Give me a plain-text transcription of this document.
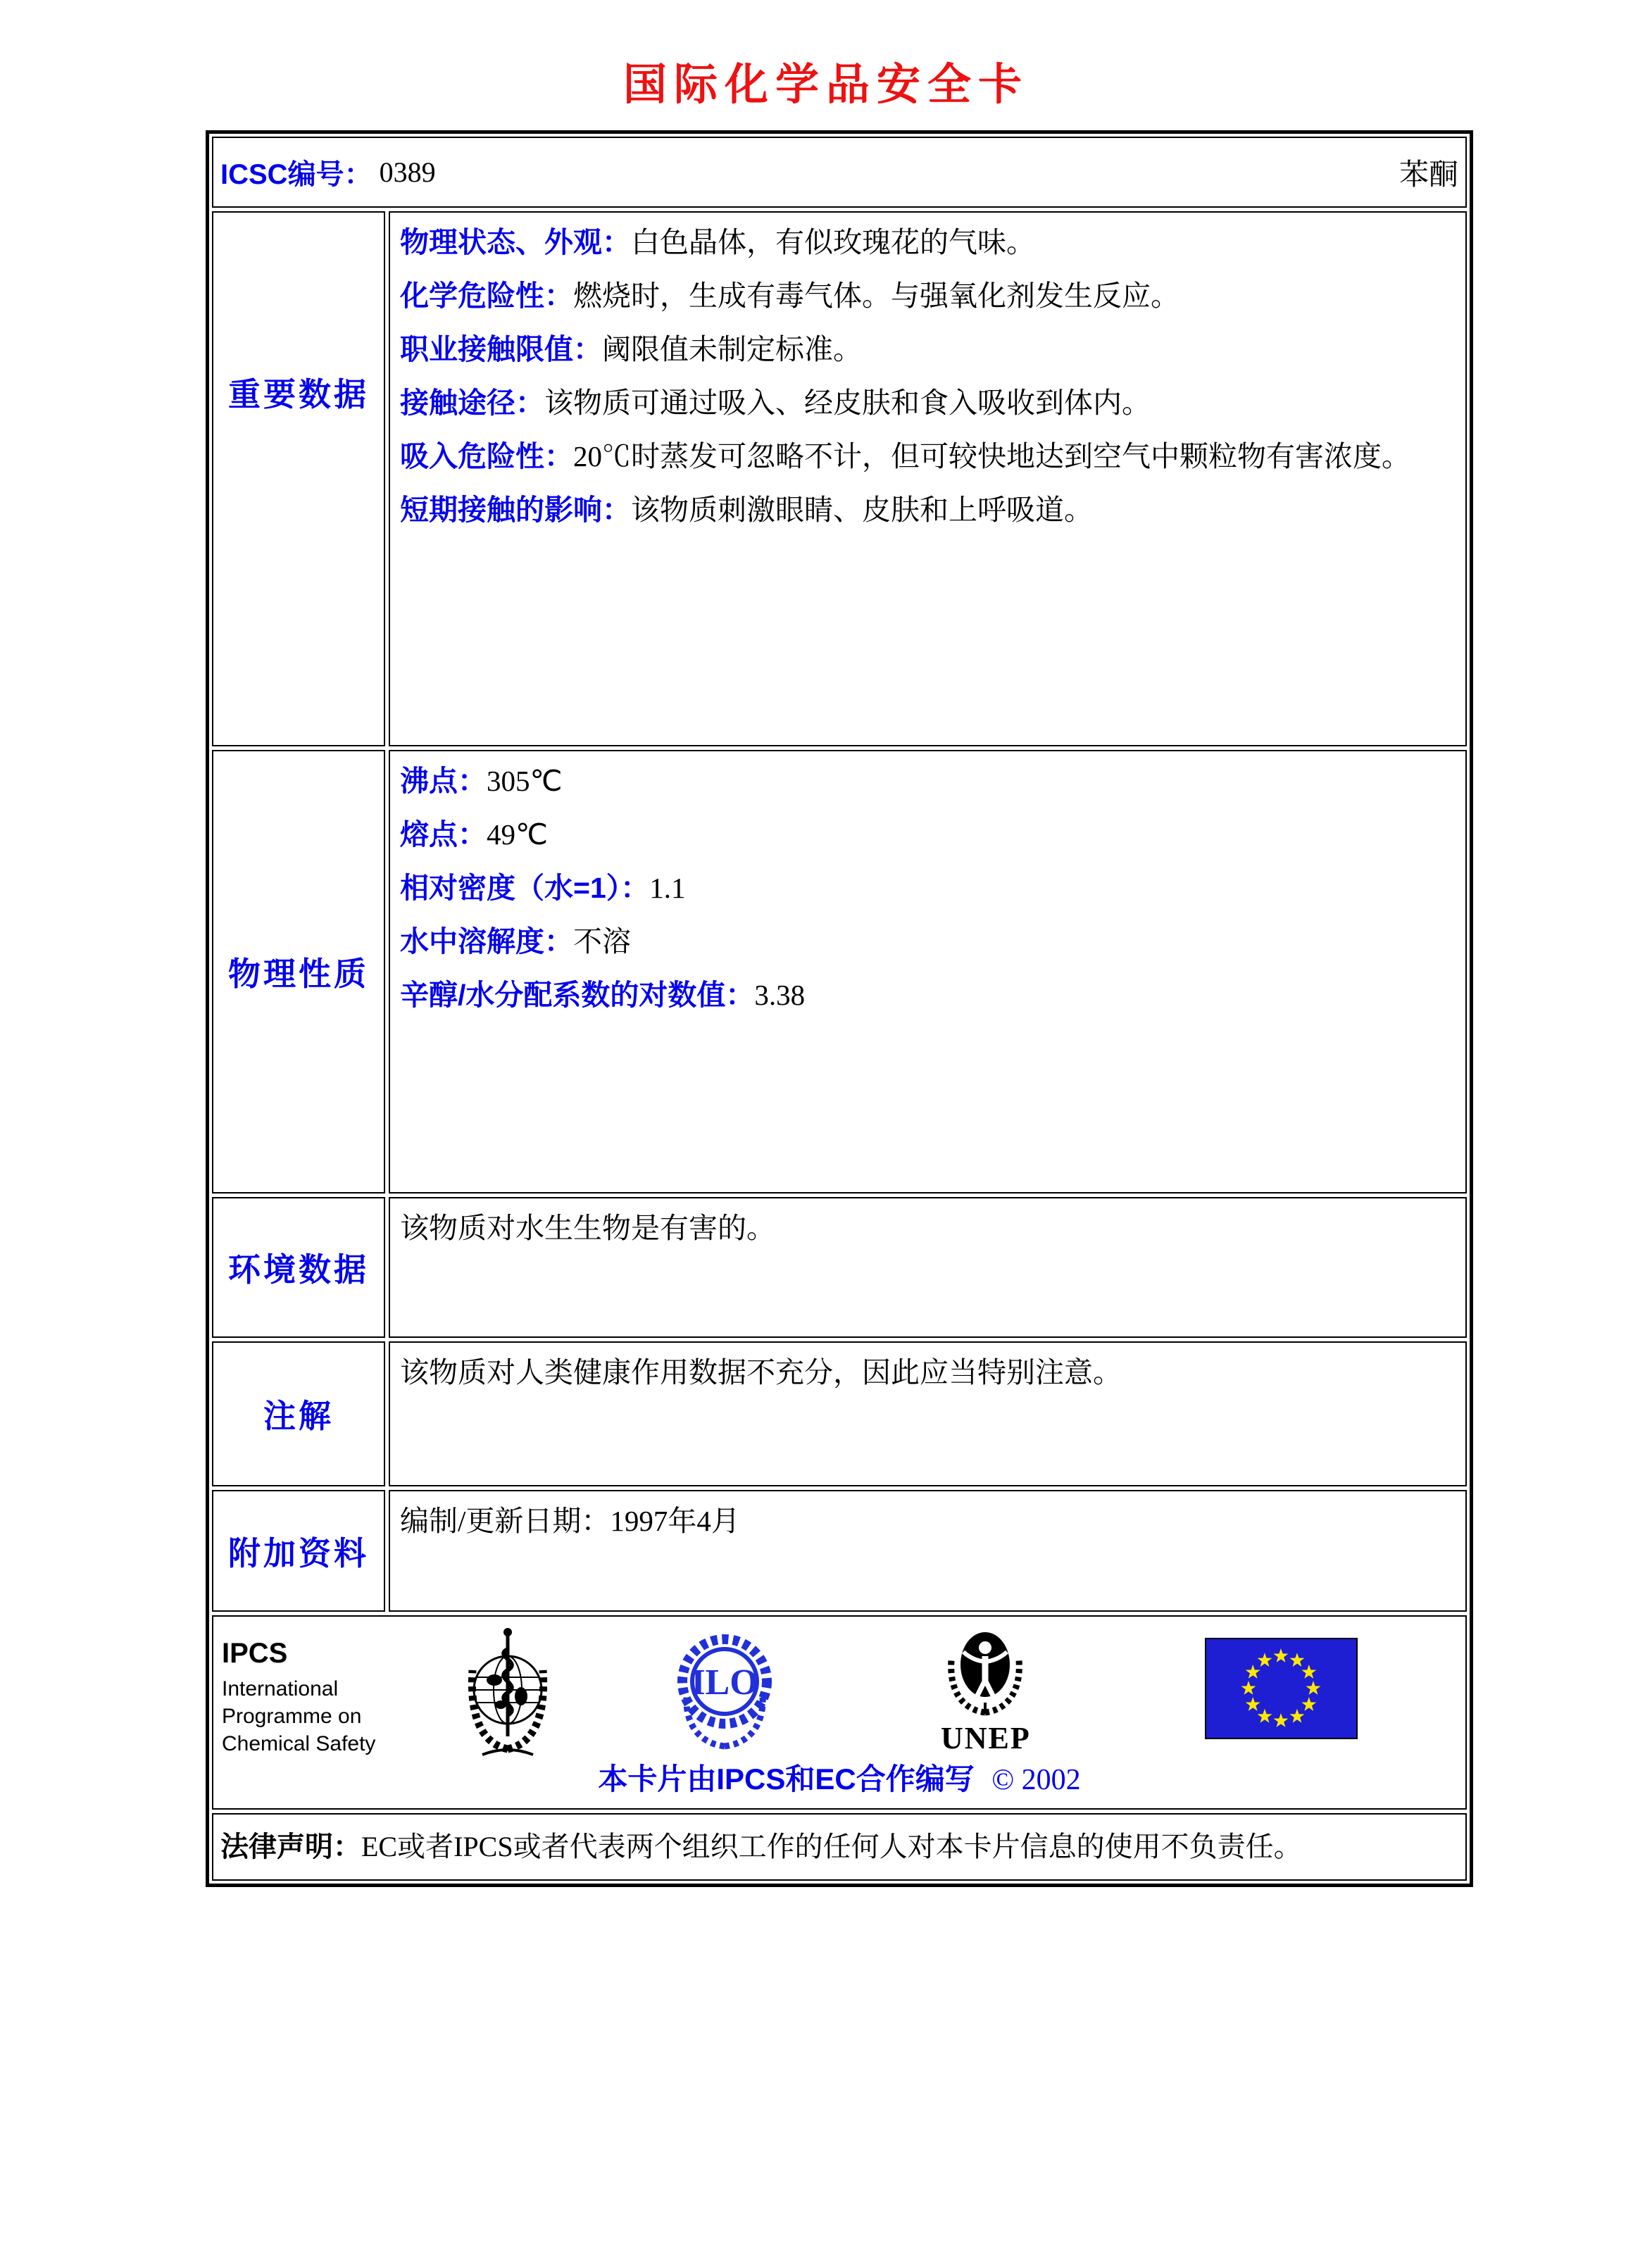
国际化学品安全卡
ICSC编号： 0389	苯酮
重要数据
物理状态、外观：白色晶体，有似玫瑰花的气味。
化学危险性：燃烧时，生成有毒气体。与强氧化剂发生反应。
职业接触限值：阈限值未制定标准。
接触途径：该物质可通过吸入、经皮肤和食入吸收到体内。
吸入危险性：20℃时蒸发可忽略不计，但可较快地达到空气中颗粒物有害浓度。
短期接触的影响：该物质刺激眼睛、皮肤和上呼吸道。
物理性质
沸点：305℃
熔点：49℃
相对密度（水=1）：1.1
水中溶解度：不溶
辛醇/水分配系数的对数值：3.38
环境数据
该物质对水生生物是有害的。
注解
该物质对人类健康作用数据不充分，因此应当特别注意。
附加资料
编制/更新日期：1997年4月
IPCS
International
Programme on
Chemical Safety
ILO
UNEP
本卡片由IPCS和EC合作编写 © 2002
法律声明： EC或者IPCS或者代表两个组织工作的任何人对本卡片信息的使用不负责任。
